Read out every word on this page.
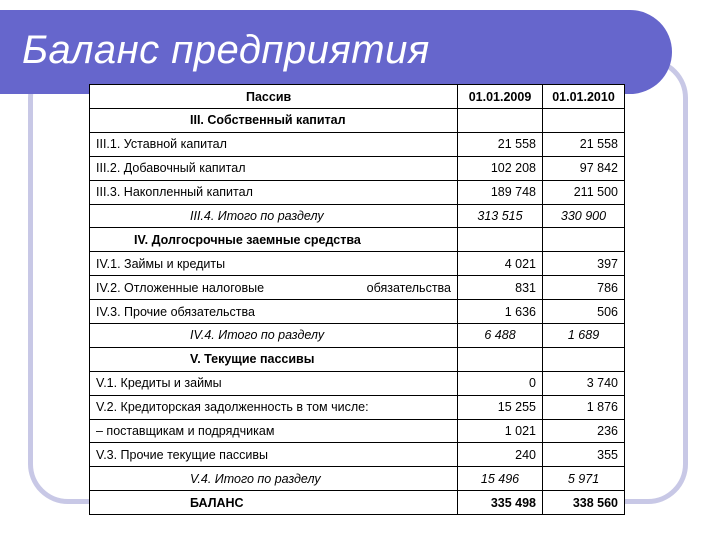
Баланс предприятия
Пассив	01.01.2009	01.01.2010
III. Собственный капитал		
III.1. Уставной капитал	21 558	21 558
III.2. Добавочный капитал	102 208	97 842
III.3. Накопленный капитал	189 748	211 500
III.4. Итого по разделу	313 515	330 900
IV. Долгосрочные заемные средства		
IV.1. Займы и кредиты	4 021	397

IV.2. Отложенные налоговые обязательства	831	786
IV.3. Прочие обязательства	1 636	506
IV.4. Итого по разделу	6 488	1 689
V. Текущие пассивы		
V.1. Кредиты и займы	0	3 740
V.2. Кредиторская задолженность в том числе:	15 255	1 876
– поставщикам и подрядчикам	1 021	236
V.3. Прочие текущие пассивы	240	355
V.4. Итого по разделу	15 496	5 971
БАЛАНС	335 498	338 560
